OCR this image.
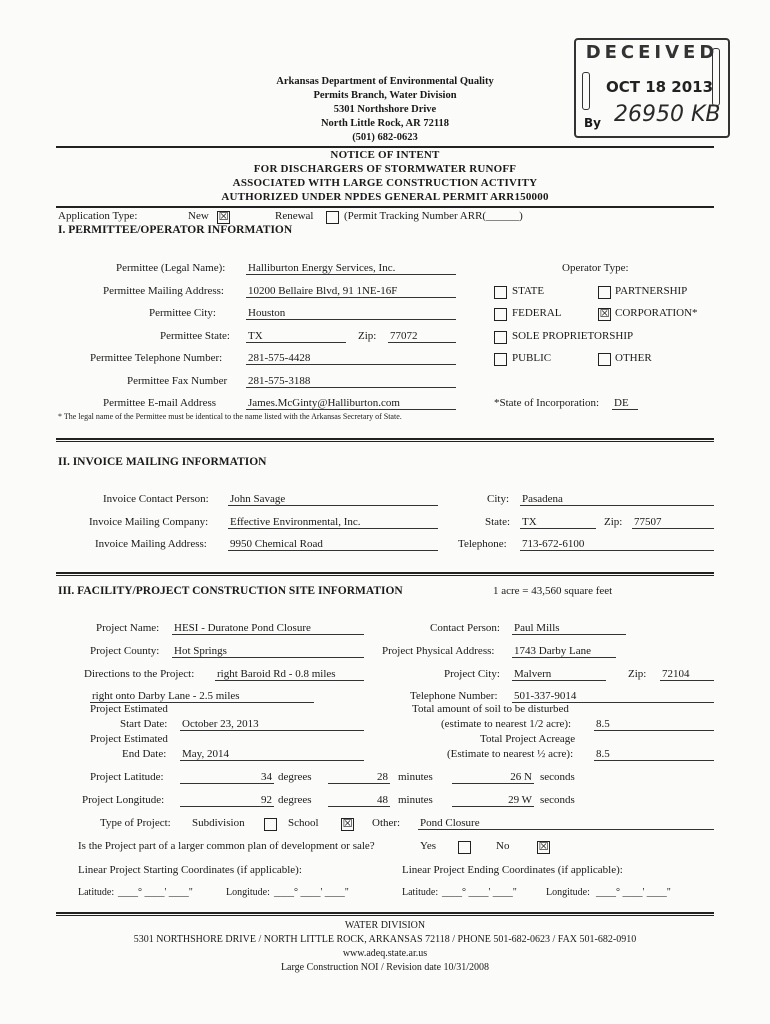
DECEIVED
OCT 18 2013
By 26950 KB
Arkansas Department of Environmental Quality
Permits Branch, Water Division
5301 Northshore Drive
North Little Rock, AR 72118
(501) 682-0623
NOTICE OF INTENT
FOR DISCHARGERS OF STORMWATER RUNOFF
ASSOCIATED WITH LARGE CONSTRUCTION ACTIVITY
AUTHORIZED UNDER NPDES GENERAL PERMIT ARR150000
Application Type:	New ☒	Renewal	(Permit Tracking Number ARR(______)
I. PERMITTEE/OPERATOR INFORMATION
Permittee (Legal Name): Halliburton Energy Services, Inc.
Permittee Mailing Address: 10200 Bellaire Blvd, 91 1NE-16F
Permittee City:	Houston
Permittee State: TX	Zip: 77072
Permittee Telephone Number: 281-575-4428
Permittee Fax Number 281-575-3188
Permittee E-mail Address	James.McGinty@Halliburton.com
* The legal name of the Permittee must be identical to the name listed with the Arkansas Secretary of State.
Operator Type:
STATE	PARTNERSHIP
FEDERAL	☒ CORPORATION*
SOLE PROPRIETORSHIP
PUBLIC	OTHER
*State of Incorporation: DE
II. INVOICE MAILING INFORMATION
Invoice Contact Person: John Savage
Invoice Mailing Company: Effective Environmental, Inc.
Invoice Mailing Address: 9950 Chemical Road
City: Pasadena
State: TX	Zip: 77507
Telephone: 713-672-6100
III. FACILITY/PROJECT CONSTRUCTION SITE INFORMATION	1 acre = 43,560 square feet
Project Name: HESI - Duratone Pond Closure	Contact Person: Paul Mills
Project County: Hot Springs	Project Physical Address: 1743 Darby Lane
Directions to the Project: right Baroid Rd - 0.8 miles
right onto Darby Lane - 2.5 miles
Project City: Malvern	Zip: 72104
Telephone Number: 501-337-9014
Project Estimated
Start Date: October 23, 2013
Project Estimated
End Date: May, 2014
Total amount of soil to be disturbed
(estimate to nearest 1/2 acre): 8.5
Total Project Acreage
(Estimate to nearest ½ acre): 8.5
Project Latitude:	34 degrees	28 minutes	26 N seconds
Project Longitude:	92 degrees	48 minutes	29 W seconds
Type of Project: Subdivision	School ☒ Other: Pond Closure
Is the Project part of a larger common plan of development or sale?	Yes	No	☒
Linear Project Starting Coordinates (if applicable):	Linear Project Ending Coordinates (if applicable):
Latitude: ____° ____' ____"	Longitude: ____° ____' ____"	Latitude: ____° ____' ____"	Longitude: ____° ____' ____"
WATER DIVISION
5301 NORTHSHORE DRIVE / NORTH LITTLE ROCK, ARKANSAS 72118 / PHONE 501-682-0623 / FAX 501-682-0910
www.adeq.state.ar.us
Large Construction NOI / Revision date 10/31/2008
